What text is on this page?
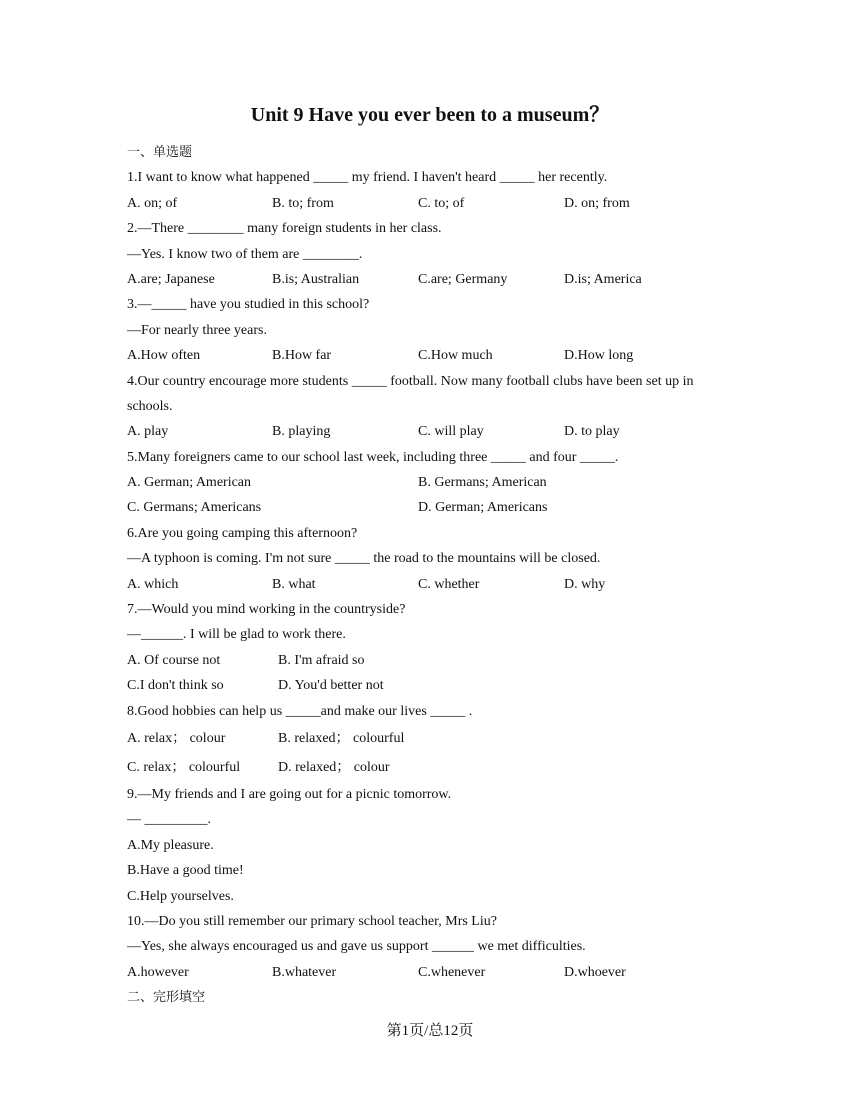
Unit 9 Have you ever been to a museum？
一、单选题
1.I want to know what happened _____ my friend. I haven't heard _____ her recently.
A. on; of	B. to; from	C. to; of	D. on; from
2.—There ________ many foreign students in her class.
—Yes. I know two of them are ________.
A.are; Japanese	B.is; Australian	C.are; Germany	D.is; America
3.—_____ have you studied in this school?
—For nearly three years.
A.How often	B.How far	C.How much	D.How long
4.Our country encourage more students _____ football. Now many football clubs have been set up in
schools.
A. play	B. playing	C. will play	D. to play
5.Many foreigners came to our school last week, including three _____ and four _____.
A. German; American	B. Germans; American
C. Germans; Americans	D. German; Americans
6.Are you going camping this afternoon?
—A typhoon is coming. I'm not sure _____ the road to the mountains will be closed.
A. which	B. what	C. whether	D. why
7.—Would you mind working in the countryside?
—______. I will be glad to work there.
A. Of course not	B. I'm afraid so
C.I don't think so	D. You'd better not
8.Good hobbies can help us _____and make our lives _____ .
A. relax； colour	B. relaxed； colourful
C. relax； colourful	D. relaxed； colour
9.—My friends and I are going out for a picnic tomorrow.
— _________.
A.My pleasure.
B.Have a good time!
C.Help yourselves.
10.—Do you still remember our primary school teacher, Mrs Liu?
—Yes, she always encouraged us and gave us support ______ we met difficulties.
A.however	B.whatever	C.whenever	D.whoever
二、完形填空
第1页/总12页
